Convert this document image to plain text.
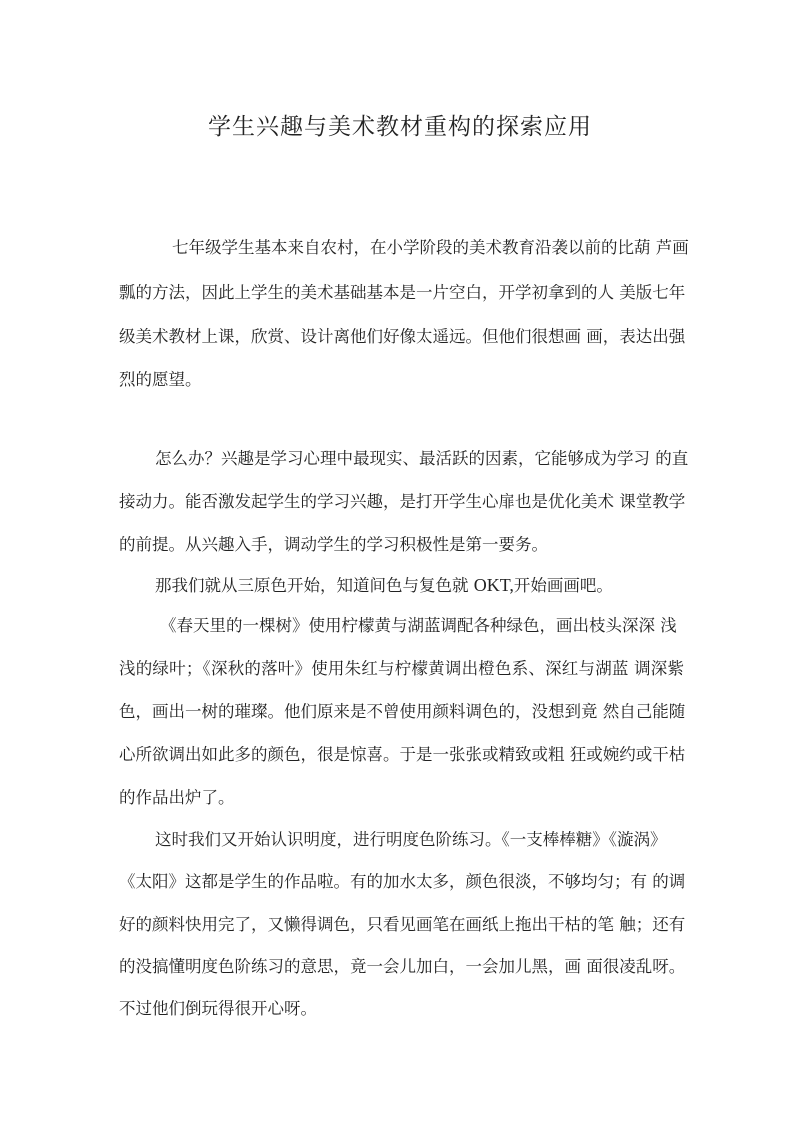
学生兴趣与美术教材重构的探索应用
七年级学生基本来自农村，在小学阶段的美术教育沿袭以前的比葫 芦画
瓢的方法，因此上学生的美术基础基本是一片空白，开学初拿到的人 美版七年
级美术教材上课，欣赏、设计离他们好像太遥远。但他们很想画 画，表达出强
烈的愿望。
怎么办？兴趣是学习心理中最现实、最活跃的因素，它能够成为学习 的直
接动力。能否激发起学生的学习兴趣，是打开学生心扉也是优化美术 课堂教学
的前提。从兴趣入手，调动学生的学习积极性是第一要务。
那我们就从三原色开始，知道间色与复色就 OKT,开始画画吧。
《春天里的一棵树》使用柠檬黄与湖蓝调配各种绿色，画出枝头深深 浅
浅的绿叶；《深秋的落叶》使用朱红与柠檬黄调出橙色系、深红与湖蓝 调深紫
色，画出一树的璀璨。他们原来是不曾使用颜料调色的，没想到竟 然自己能随
心所欲调出如此多的颜色，很是惊喜。于是一张张或精致或粗 狂或婉约或干枯
的作品出炉了。
这时我们又开始认识明度，进行明度色阶练习。《一支棒棒糖》《漩涡》
《太阳》这都是学生的作品啦。有的加水太多，颜色很淡，不够均匀；有 的调
好的颜料快用完了，又懒得调色，只看见画笔在画纸上拖出干枯的笔 触；还有
的没搞懂明度色阶练习的意思，竟一会儿加白，一会加儿黑，画 面很凌乱呀。
不过他们倒玩得很开心呀。
